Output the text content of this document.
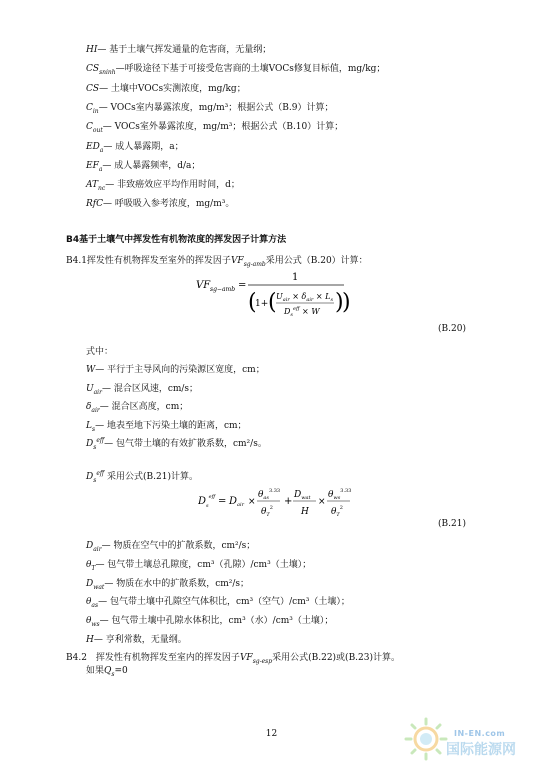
HI— 基于土壤气挥发通量的危害商，无量纲；
$CS_{sninh}—$呼吸途径下基于可接受危害商的土壤VOCs修复目标值，mg/kg；
CS— 土壤中VOCs实测浓度，mg/kg；
$C_{in}—$ VOCs室内暴露浓度，mg/m³；根据公式（B.9）计算；
$C_{out}—$ VOCs室外暴露浓度，mg/m³；根据公式（B.10）计算；
$ED_a—$ 成人暴露期，a；
$EF_a—$ 成人暴露频率，d/a；
$AT_{nc}—$ 非致癌效应平均作用时间，d；
RfC— 呼吸吸入参考浓度，mg/m³。
B4基于土壤气中挥发性有机物浓度的挥发因子计算方法
B4.1挥发性有机物挥发至室外的挥发因子$VF_{sg-amb}$采用公式（B.20）计算：
VF sg−amb =
1
(
1+ ( $U_{air} \times \delta_{air} \times L_s$
$D_s^{eff} \times W$ )
)
(B.20)
式中：
W— 平行于主导风向的污染源区宽度，cm；
$U_{air}—$ 混合区风速，cm/s；
$\delta_{air}—$ 混合区高度，cm；
$L_s—$ 地表至地下污染土壤的距离，cm；
$D_s^{eff}—$ 包气带土壤的有效扩散系数，cm²/s。
$D_s^{eff}$ 采用公式(B.21)计算。
$D_s^{eff} = D_{air}$ ×
$\theta_{as}^{3.33}$
$\theta_T^2$
+
$D_{wat}$
H
×
$\theta_{ws}^{3.33}$
$\theta_T^2$
(B.21)
$D_{air}—$ 物质在空气中的扩散系数，cm²/s；
$\theta_T—$ 包气带土壤总孔隙度，cm³（孔隙）/cm³（土壤）；
$D_{wat}—$ 物质在水中的扩散系数，cm²/s；
$\theta_{as}—$ 包气带土壤中孔隙空气体积比，cm³（空气）/cm³（土壤）；
$\theta_{ws}—$ 包气带土壤中孔隙水体积比，cm³（水）/cm³（土壤）；
H— 亨利常数，无量纲。
B4.2　挥发性有机物挥发至室内的挥发因子$VF_{sg-esp}$采用公式(B.22)或(B.23)计算。
如果$Q_s=0$
12	IN-EN.com
国际能源网
